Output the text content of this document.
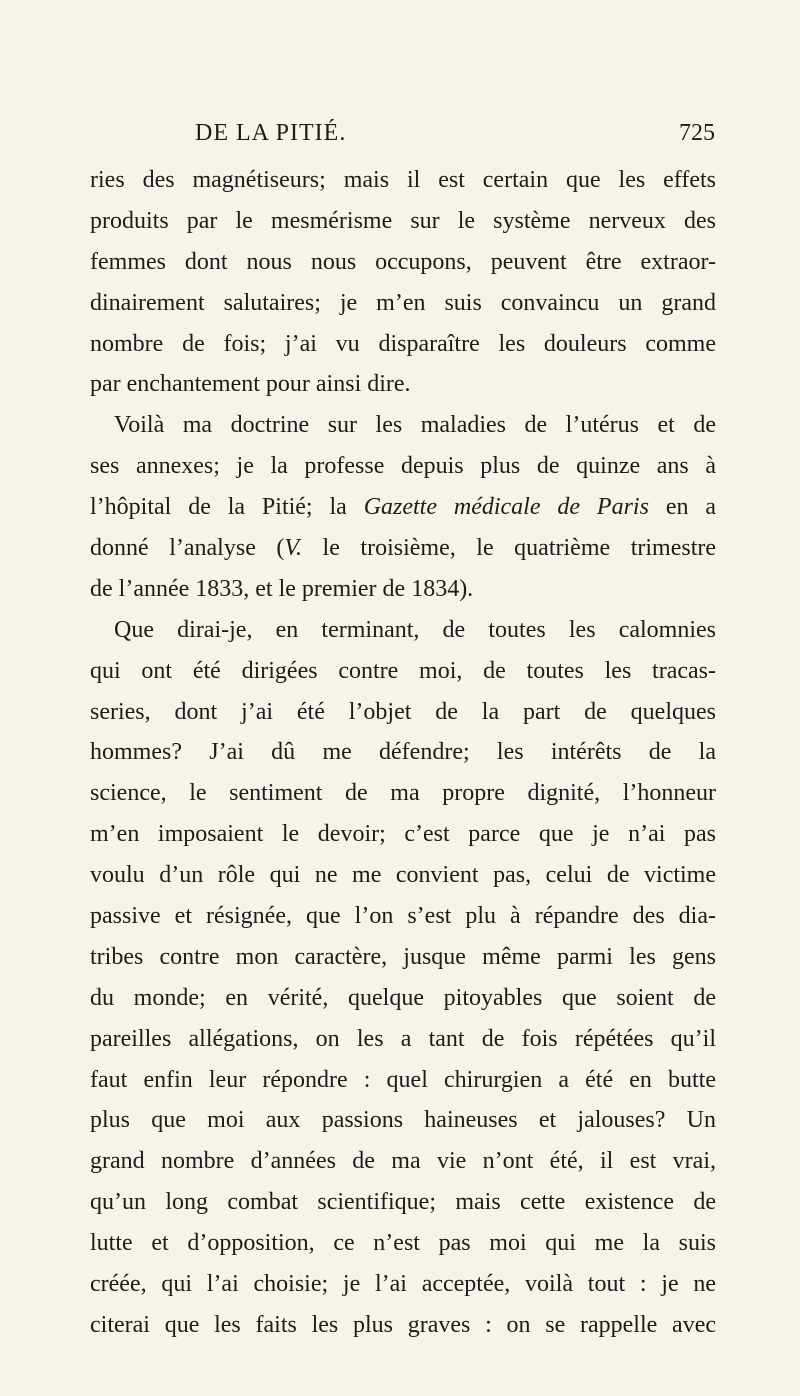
DE LA PITIÉ.	725
ries des magnétiseurs; mais il est certain que les effets
produits par le mesmérisme sur le système nerveux des
femmes dont nous nous occupons, peuvent être extraor-
dinairement salutaires; je m’en suis convaincu un grand
nombre de fois; j’ai vu disparaître les douleurs comme
par enchantement pour ainsi dire.
Voilà ma doctrine sur les maladies de l’utérus et de
ses annexes; je la professe depuis plus de quinze ans à
l’hôpital de la Pitié; la Gazette médicale de Paris en a
donné l’analyse (V. le troisième, le quatrième trimestre
de l’année 1833, et le premier de 1834).
Que dirai-je, en terminant, de toutes les calomnies
qui ont été dirigées contre moi, de toutes les tracas-
series, dont j’ai été l’objet de la part de quelques
hommes? J’ai dû me défendre; les intérêts de la
science, le sentiment de ma propre dignité, l’honneur
m’en imposaient le devoir; c’est parce que je n’ai pas
voulu d’un rôle qui ne me convient pas, celui de victime
passive et résignée, que l’on s’est plu à répandre des dia-
tribes contre mon caractère, jusque même parmi les gens
du monde; en vérité, quelque pitoyables que soient de
pareilles allégations, on les a tant de fois répétées qu’il
faut enfin leur répondre : quel chirurgien a été en butte
plus que moi aux passions haineuses et jalouses? Un
grand nombre d’années de ma vie n’ont été, il est vrai,
qu’un long combat scientifique; mais cette existence de
lutte et d’opposition, ce n’est pas moi qui me la suis
créée, qui l’ai choisie; je l’ai acceptée, voilà tout : je ne
citerai que les faits les plus graves : on se rappelle avec
